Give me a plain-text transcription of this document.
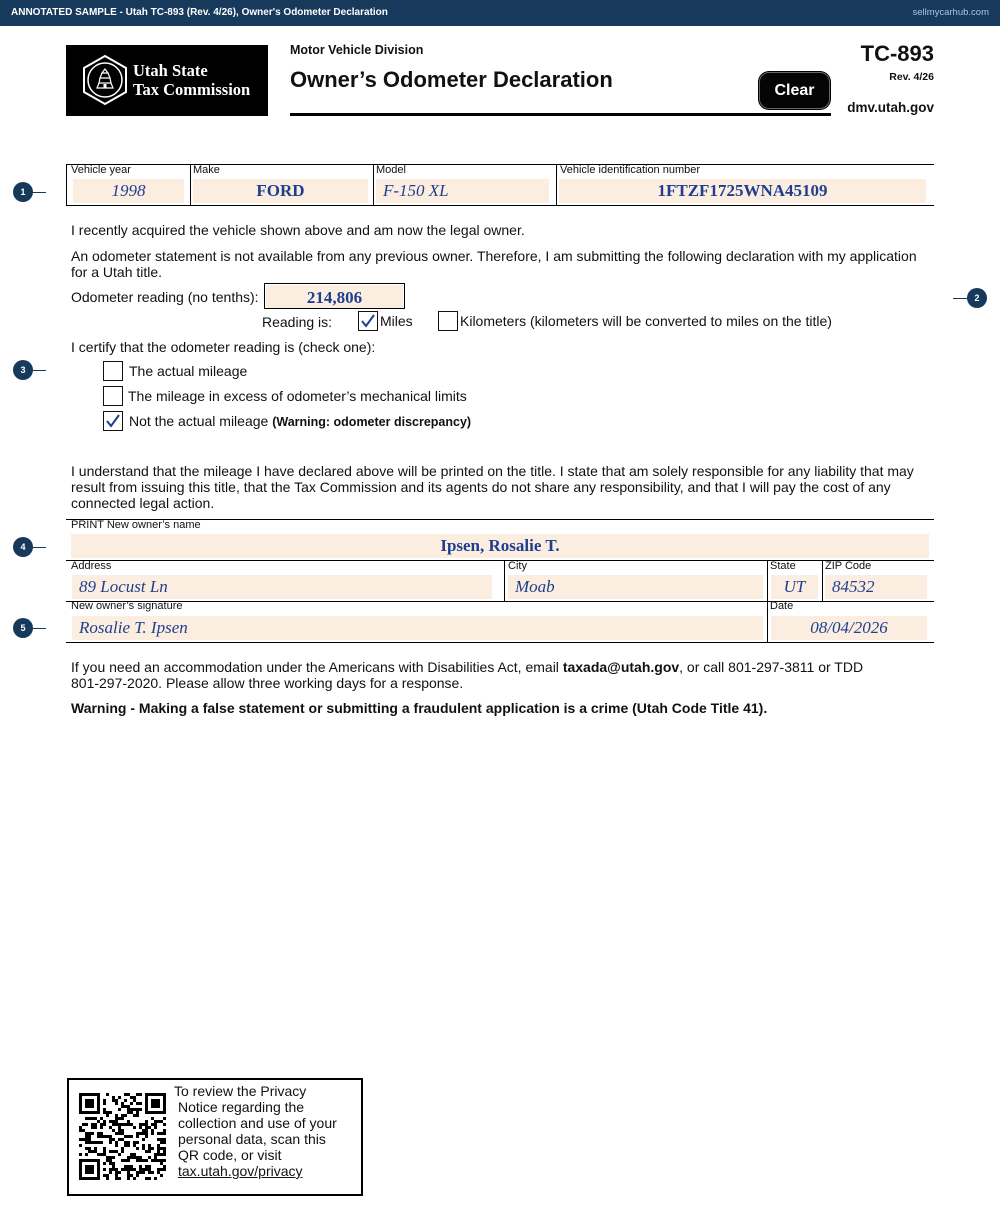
ANNOTATED SAMPLE - Utah TC-893 (Rev. 4/26), Owner's Odometer Declaration	sellmycarhub.com
Utah State
Tax Commission
Motor Vehicle Division
Owner’s Odometer Declaration	Clear
TC-893
Rev. 4/26
dmv.utah.gov
Vehicle year
1998
Make
FORD
Model
F-150 XL
Vehicle identification number
1FTZF1725WNA45109
1
2
3
4
5
I recently acquired the vehicle shown above and am now the legal owner.
An odometer statement is not available from any previous owner. Therefore, I am submitting the following declaration with my application
for a Utah title.
Odometer reading (no tenths):	214,806
Reading is:	Miles	Kilometers (kilometers will be converted to miles on the title)
I certify that the odometer reading is (check one):
The actual mileage
The mileage in excess of odometer’s mechanical limits
Not the actual mileage (Warning: odometer discrepancy)
I understand that the mileage I have declared above will be printed on the title. I state that am solely responsible for any liability that may
result from issuing this title, that the Tax Commission and its agents do not share any responsibility, and that I will pay the cost of any
connected legal action.
PRINT New owner’s name
Ipsen, Rosalie T.
Address
89 Locust Ln
City
Moab
State
UT
ZIP Code
84532
New owner’s signature
Rosalie T. Ipsen
Date
08/04/2026
If you need an accommodation under the Americans with Disabilities Act, email taxada@utah.gov, or call 801-297-3811 or TDD
801-297-2020. Please allow three working days for a response.
Warning - Making a false statement or submitting a fraudulent application is a crime (Utah Code Title 41).
To review the Privacy
Notice regarding the
collection and use of your
personal data, scan this
QR code, or visit
tax.utah.gov/privacy
